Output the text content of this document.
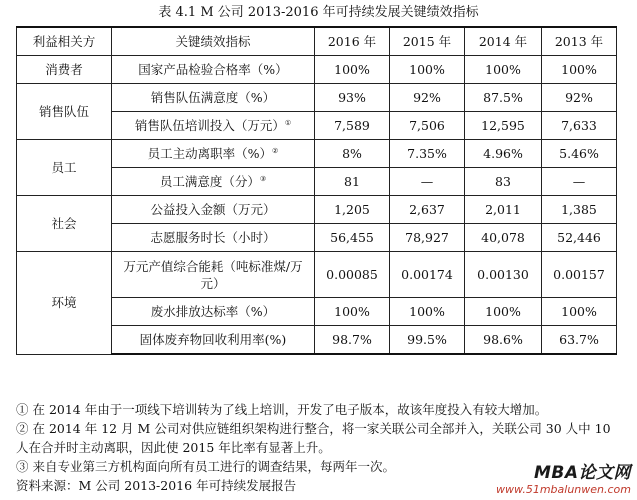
表 4.1 M 公司 2013-2016 年可持续发展关键绩效指标
利益相关方	关键绩效指标	2016 年	2015 年	2014 年	2013 年
消费者	国家产品检验合格率（%）	100%	100%	100%	100%
销售队伍	销售队伍满意度（%）	93%	92%	87.5%	92%
	销售队伍培训投入（万元）①	7,589	7,506	12,595	7,633
员工	员工主动离职率（%）②	8%	7.35%	4.96%	5.46%
	员工满意度（分）③	81	—	83	—
社会	公益投入金额（万元）	1,205	2,637	2,011	1,385
	志愿服务时长（小时）	56,455	78,927	40,078	52,446
环境	万元产值综合能耗（吨标准煤/万元）	0.00085	0.00174	0.00130	0.00157
	废水排放达标率（%）	100%	100%	100%	100%
	固体废弃物回收利用率(%)	98.7%	99.5%	98.6%	63.7%

① 在 2014 年由于一项线下培训转为了线上培训，开发了电子版本，故该年度投入有较大增加。

② 在 2014 年 12 月 M 公司对供应链组织架构进行整合，将一家关联公司全部并入，关联公司 30 人中 10 人在合并时主动离职，因此使 2015 年比率有显著上升。

③ 来自专业第三方机构面向所有员工进行的调查结果，每两年一次。

资料来源：M 公司 2013-2016 年可持续发展报告

MBA论文网
www.51mbalunwen.com
